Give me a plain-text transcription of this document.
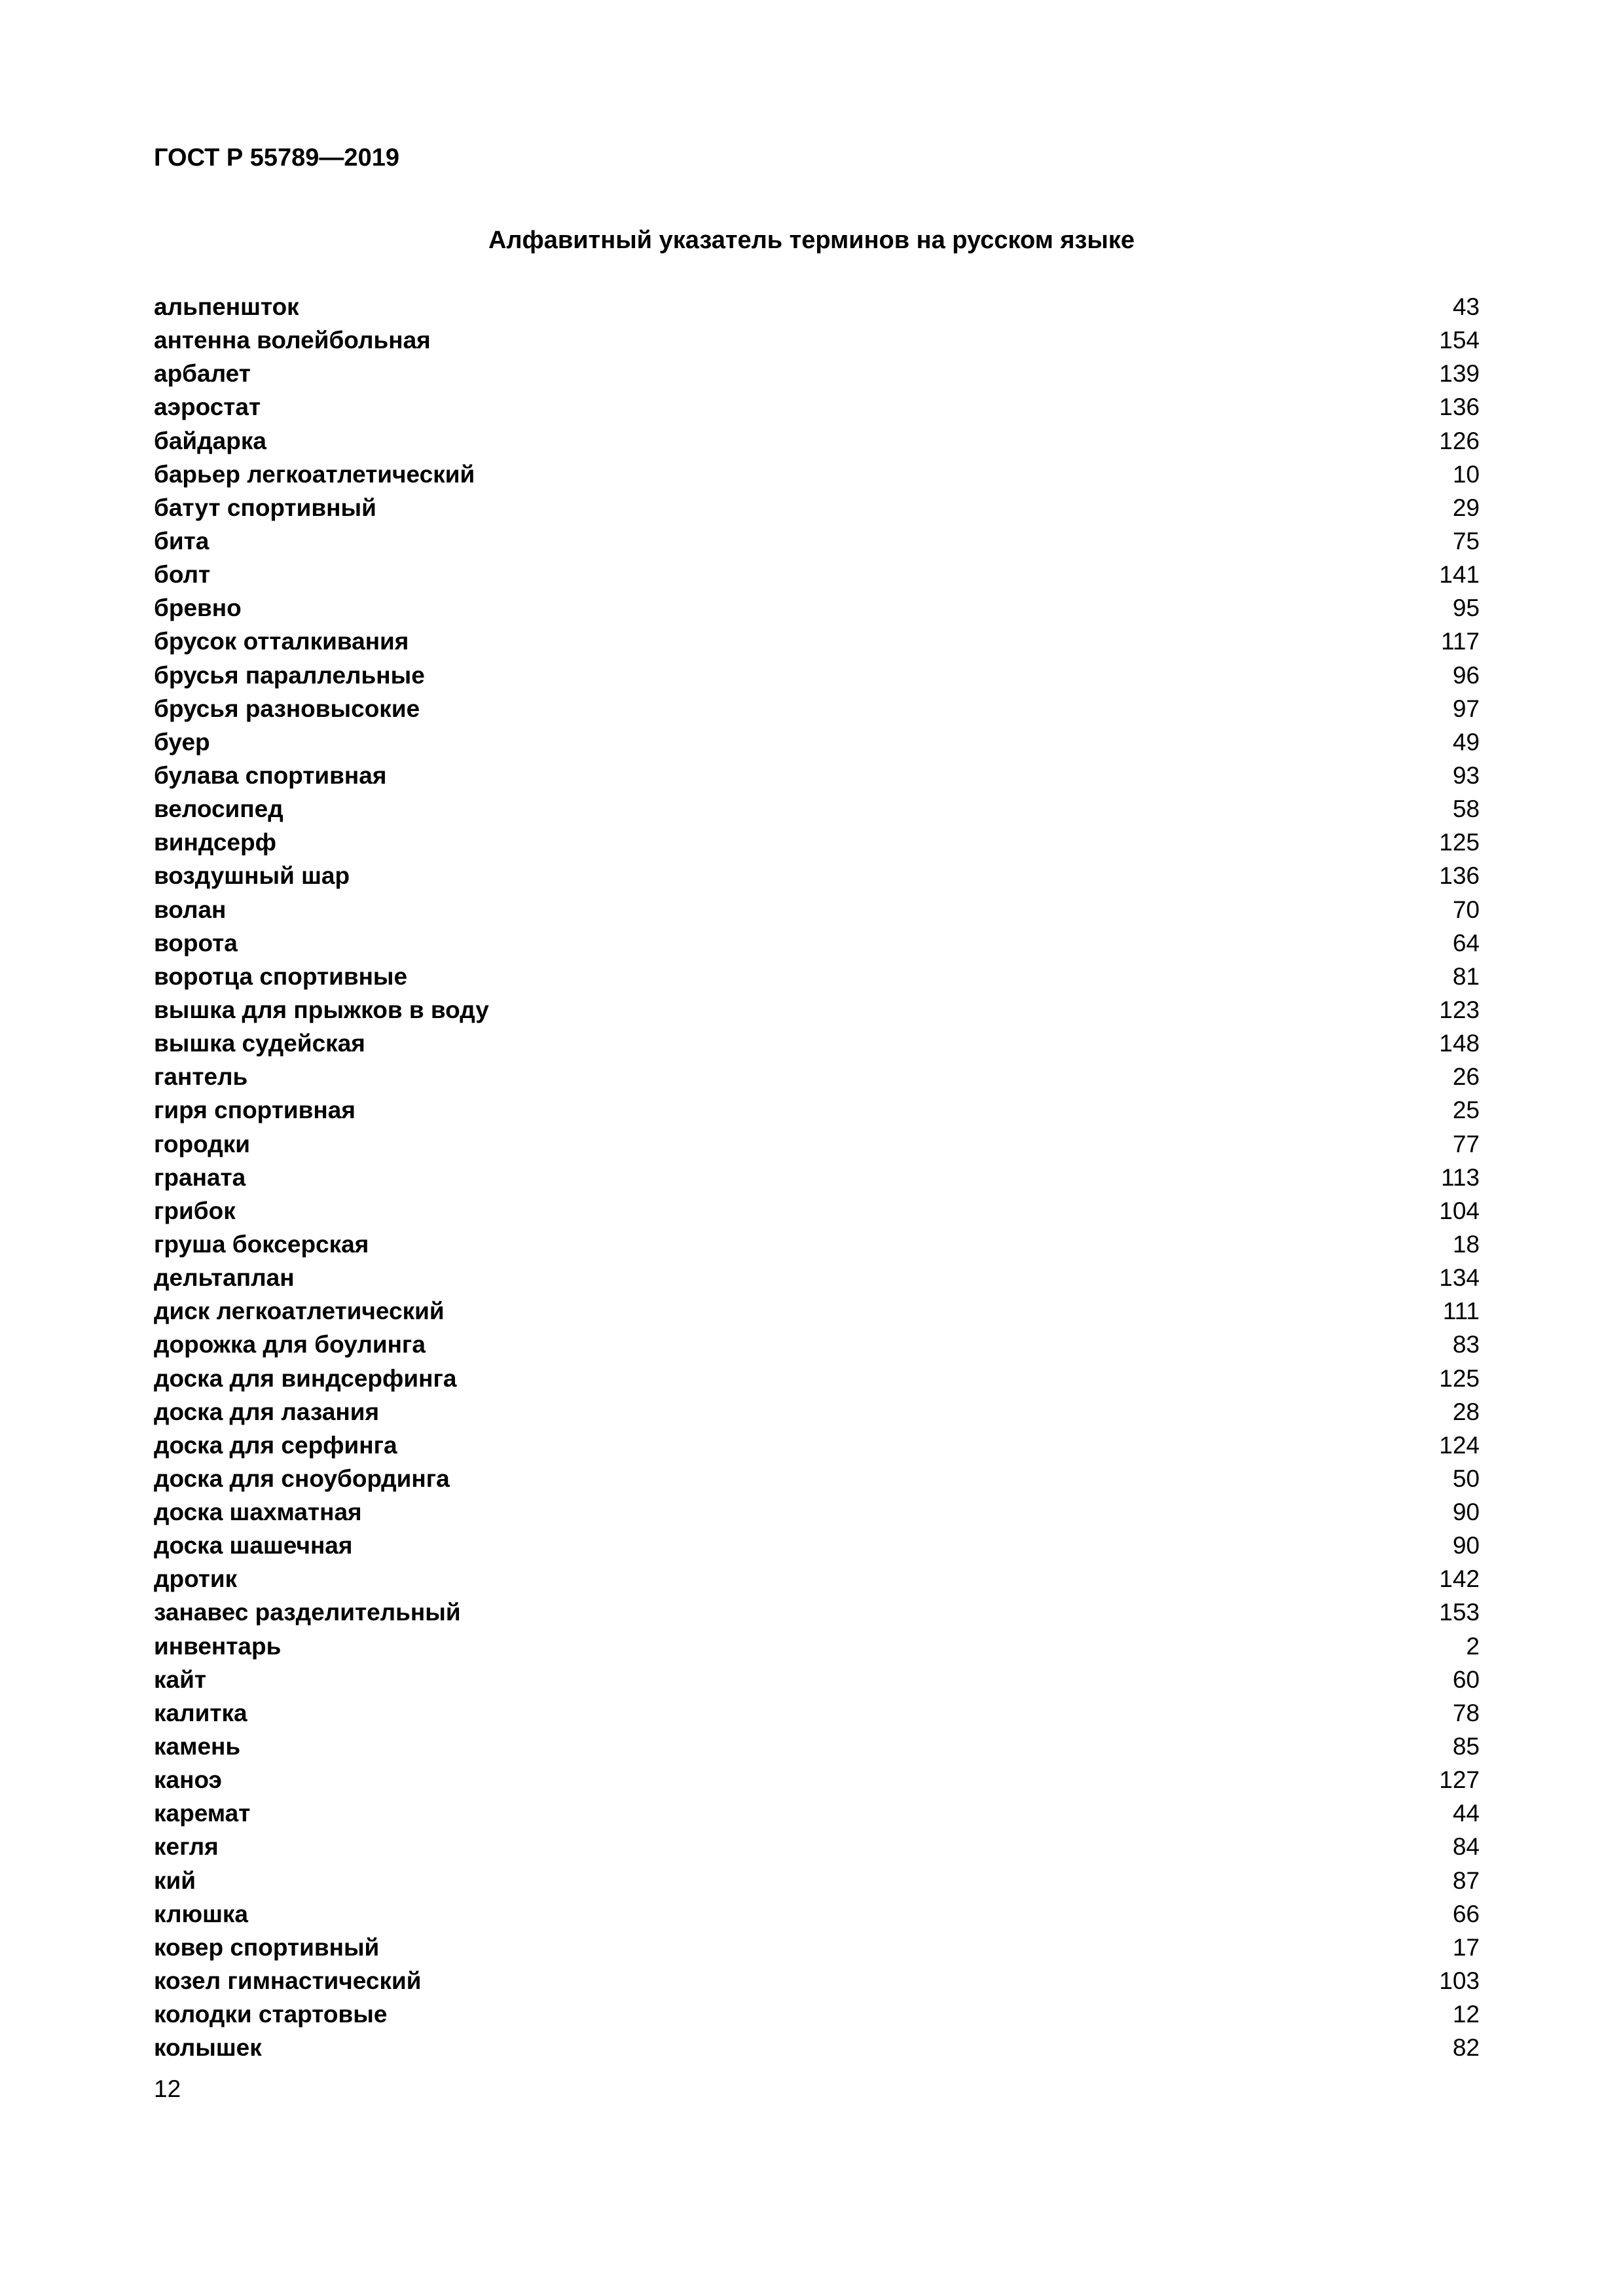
ГОСТ Р 55789—2019
Алфавитный указатель терминов на русском языке
альпеншток	43
антенна волейбольная	154
арбалет	139
аэростат	136
байдарка	126
барьер легкоатлетический	10
батут спортивный	29
бита	75
болт	141
бревно	95
брусок отталкивания	117
брусья параллельные	96
брусья разновысокие	97
буер	49
булава спортивная	93
велосипед	58
виндсерф	125
воздушный шар	136
волан	70
ворота	64
воротца спортивные	81
вышка для прыжков в воду	123
вышка судейская	148
гантель	26
гиря спортивная	25
городки	77
граната	113
грибок	104
груша боксерская	18
дельтаплан	134
диск легкоатлетический	111
дорожка для боулинга	83
доска для виндсерфинга	125
доска для лазания	28
доска для серфинга	124
доска для сноубординга	50
доска шахматная	90
доска шашечная	90
дротик	142
занавес разделительный	153
инвентарь	2
кайт	60
калитка	78
камень	85
каноэ	127
каремат	44
кегля	84
кий	87
клюшка	66
ковер спортивный	17
козел гимнастический	103
колодки стартовые	12
колышек	82
12
